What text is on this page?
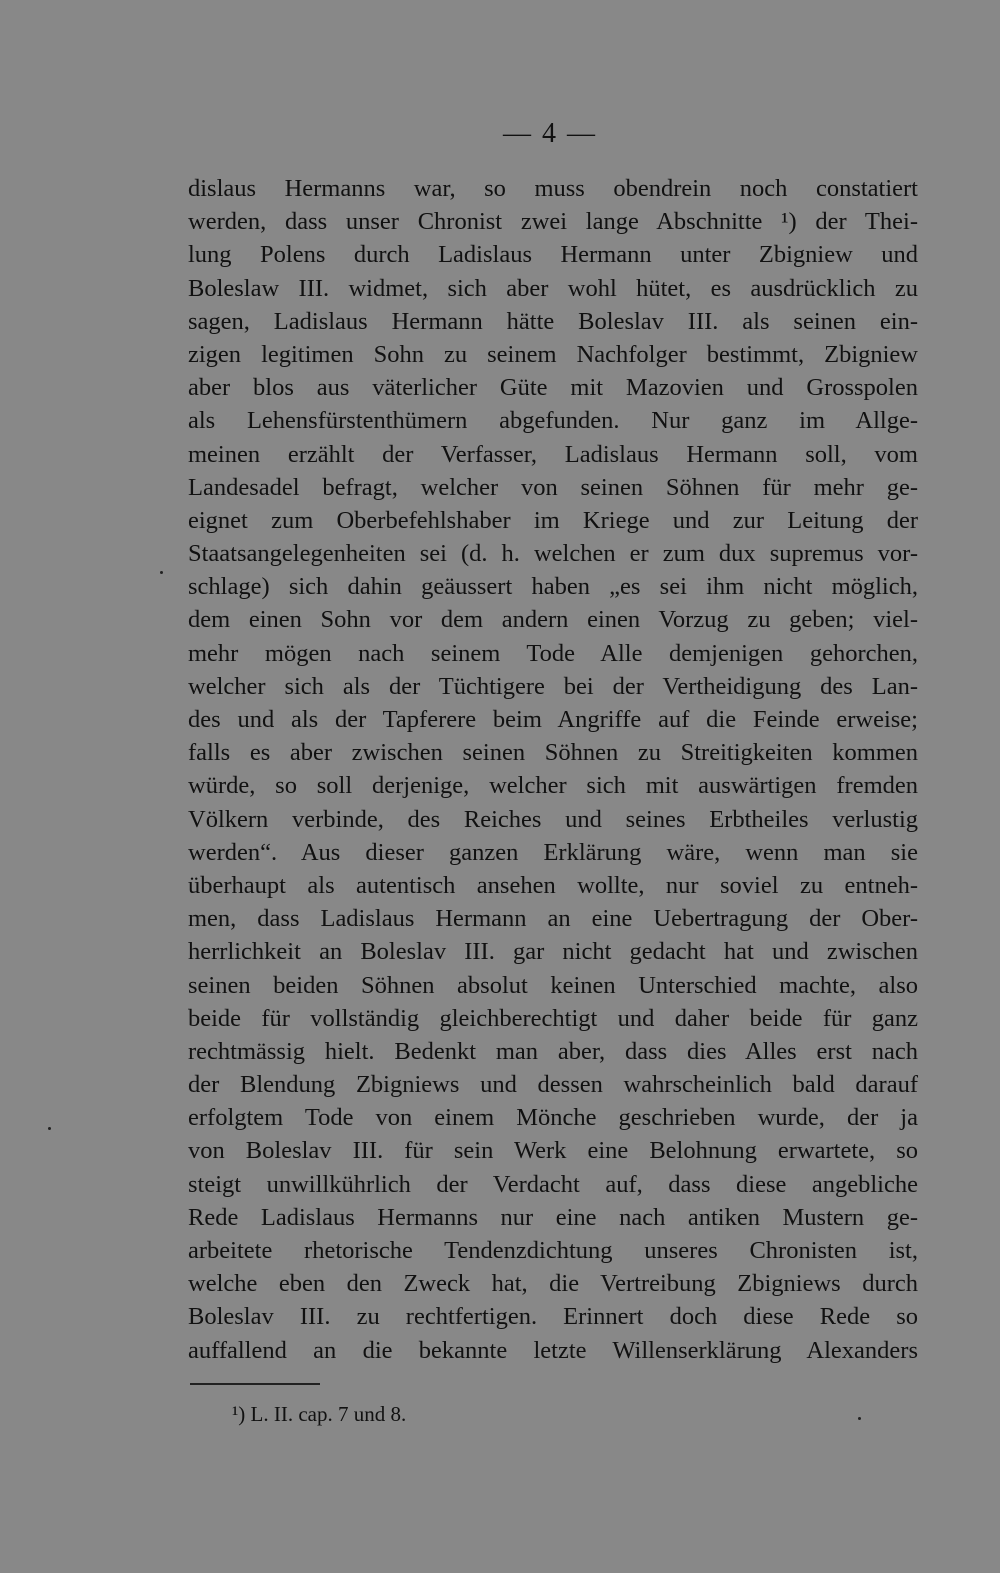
— 4 —
dislaus Hermanns war, so muss obendrein noch constatiert
werden, dass unser Chronist zwei lange Abschnitte ¹) der Thei-
lung Polens durch Ladislaus Hermann unter Zbigniew und
Boleslaw III. widmet, sich aber wohl hütet, es ausdrücklich zu
sagen, Ladislaus Hermann hätte Boleslav III. als seinen ein-
zigen legitimen Sohn zu seinem Nachfolger bestimmt, Zbigniew
aber blos aus väterlicher Güte mit Mazovien und Grosspolen
als Lehensfürstenthümern abgefunden. Nur ganz im Allge-
meinen erzählt der Verfasser, Ladislaus Hermann soll, vom
Landesadel befragt, welcher von seinen Söhnen für mehr ge-
eignet zum Oberbefehlshaber im Kriege und zur Leitung der
Staatsangelegenheiten sei (d. h. welchen er zum dux supremus vor-
schlage) sich dahin geäussert haben „es sei ihm nicht möglich,
dem einen Sohn vor dem andern einen Vorzug zu geben; viel-
mehr mögen nach seinem Tode Alle demjenigen gehorchen,
welcher sich als der Tüchtigere bei der Vertheidigung des Lan-
des und als der Tapferere beim Angriffe auf die Feinde erweise;
falls es aber zwischen seinen Söhnen zu Streitigkeiten kommen
würde, so soll derjenige, welcher sich mit auswärtigen fremden
Völkern verbinde, des Reiches und seines Erbtheiles verlustig
werden“. Aus dieser ganzen Erklärung wäre, wenn man sie
überhaupt als autentisch ansehen wollte, nur soviel zu entneh-
men, dass Ladislaus Hermann an eine Uebertragung der Ober-
herrlichkeit an Boleslav III. gar nicht gedacht hat und zwischen
seinen beiden Söhnen absolut keinen Unterschied machte, also
beide für vollständig gleichberechtigt und daher beide für ganz
rechtmässig hielt. Bedenkt man aber, dass dies Alles erst nach
der Blendung Zbigniews und dessen wahrscheinlich bald darauf
erfolgtem Tode von einem Mönche geschrieben wurde, der ja
von Boleslav III. für sein Werk eine Belohnung erwartete, so
steigt unwillkührlich der Verdacht auf, dass diese angebliche
Rede Ladislaus Hermanns nur eine nach antiken Mustern ge-
arbeitete rhetorische Tendenzdichtung unseres Chronisten ist,
welche eben den Zweck hat, die Vertreibung Zbigniews durch
Boleslav III. zu rechtfertigen. Erinnert doch diese Rede so
auffallend an die bekannte letzte Willenserklärung Alexanders
¹) L. II. cap. 7 und 8.
